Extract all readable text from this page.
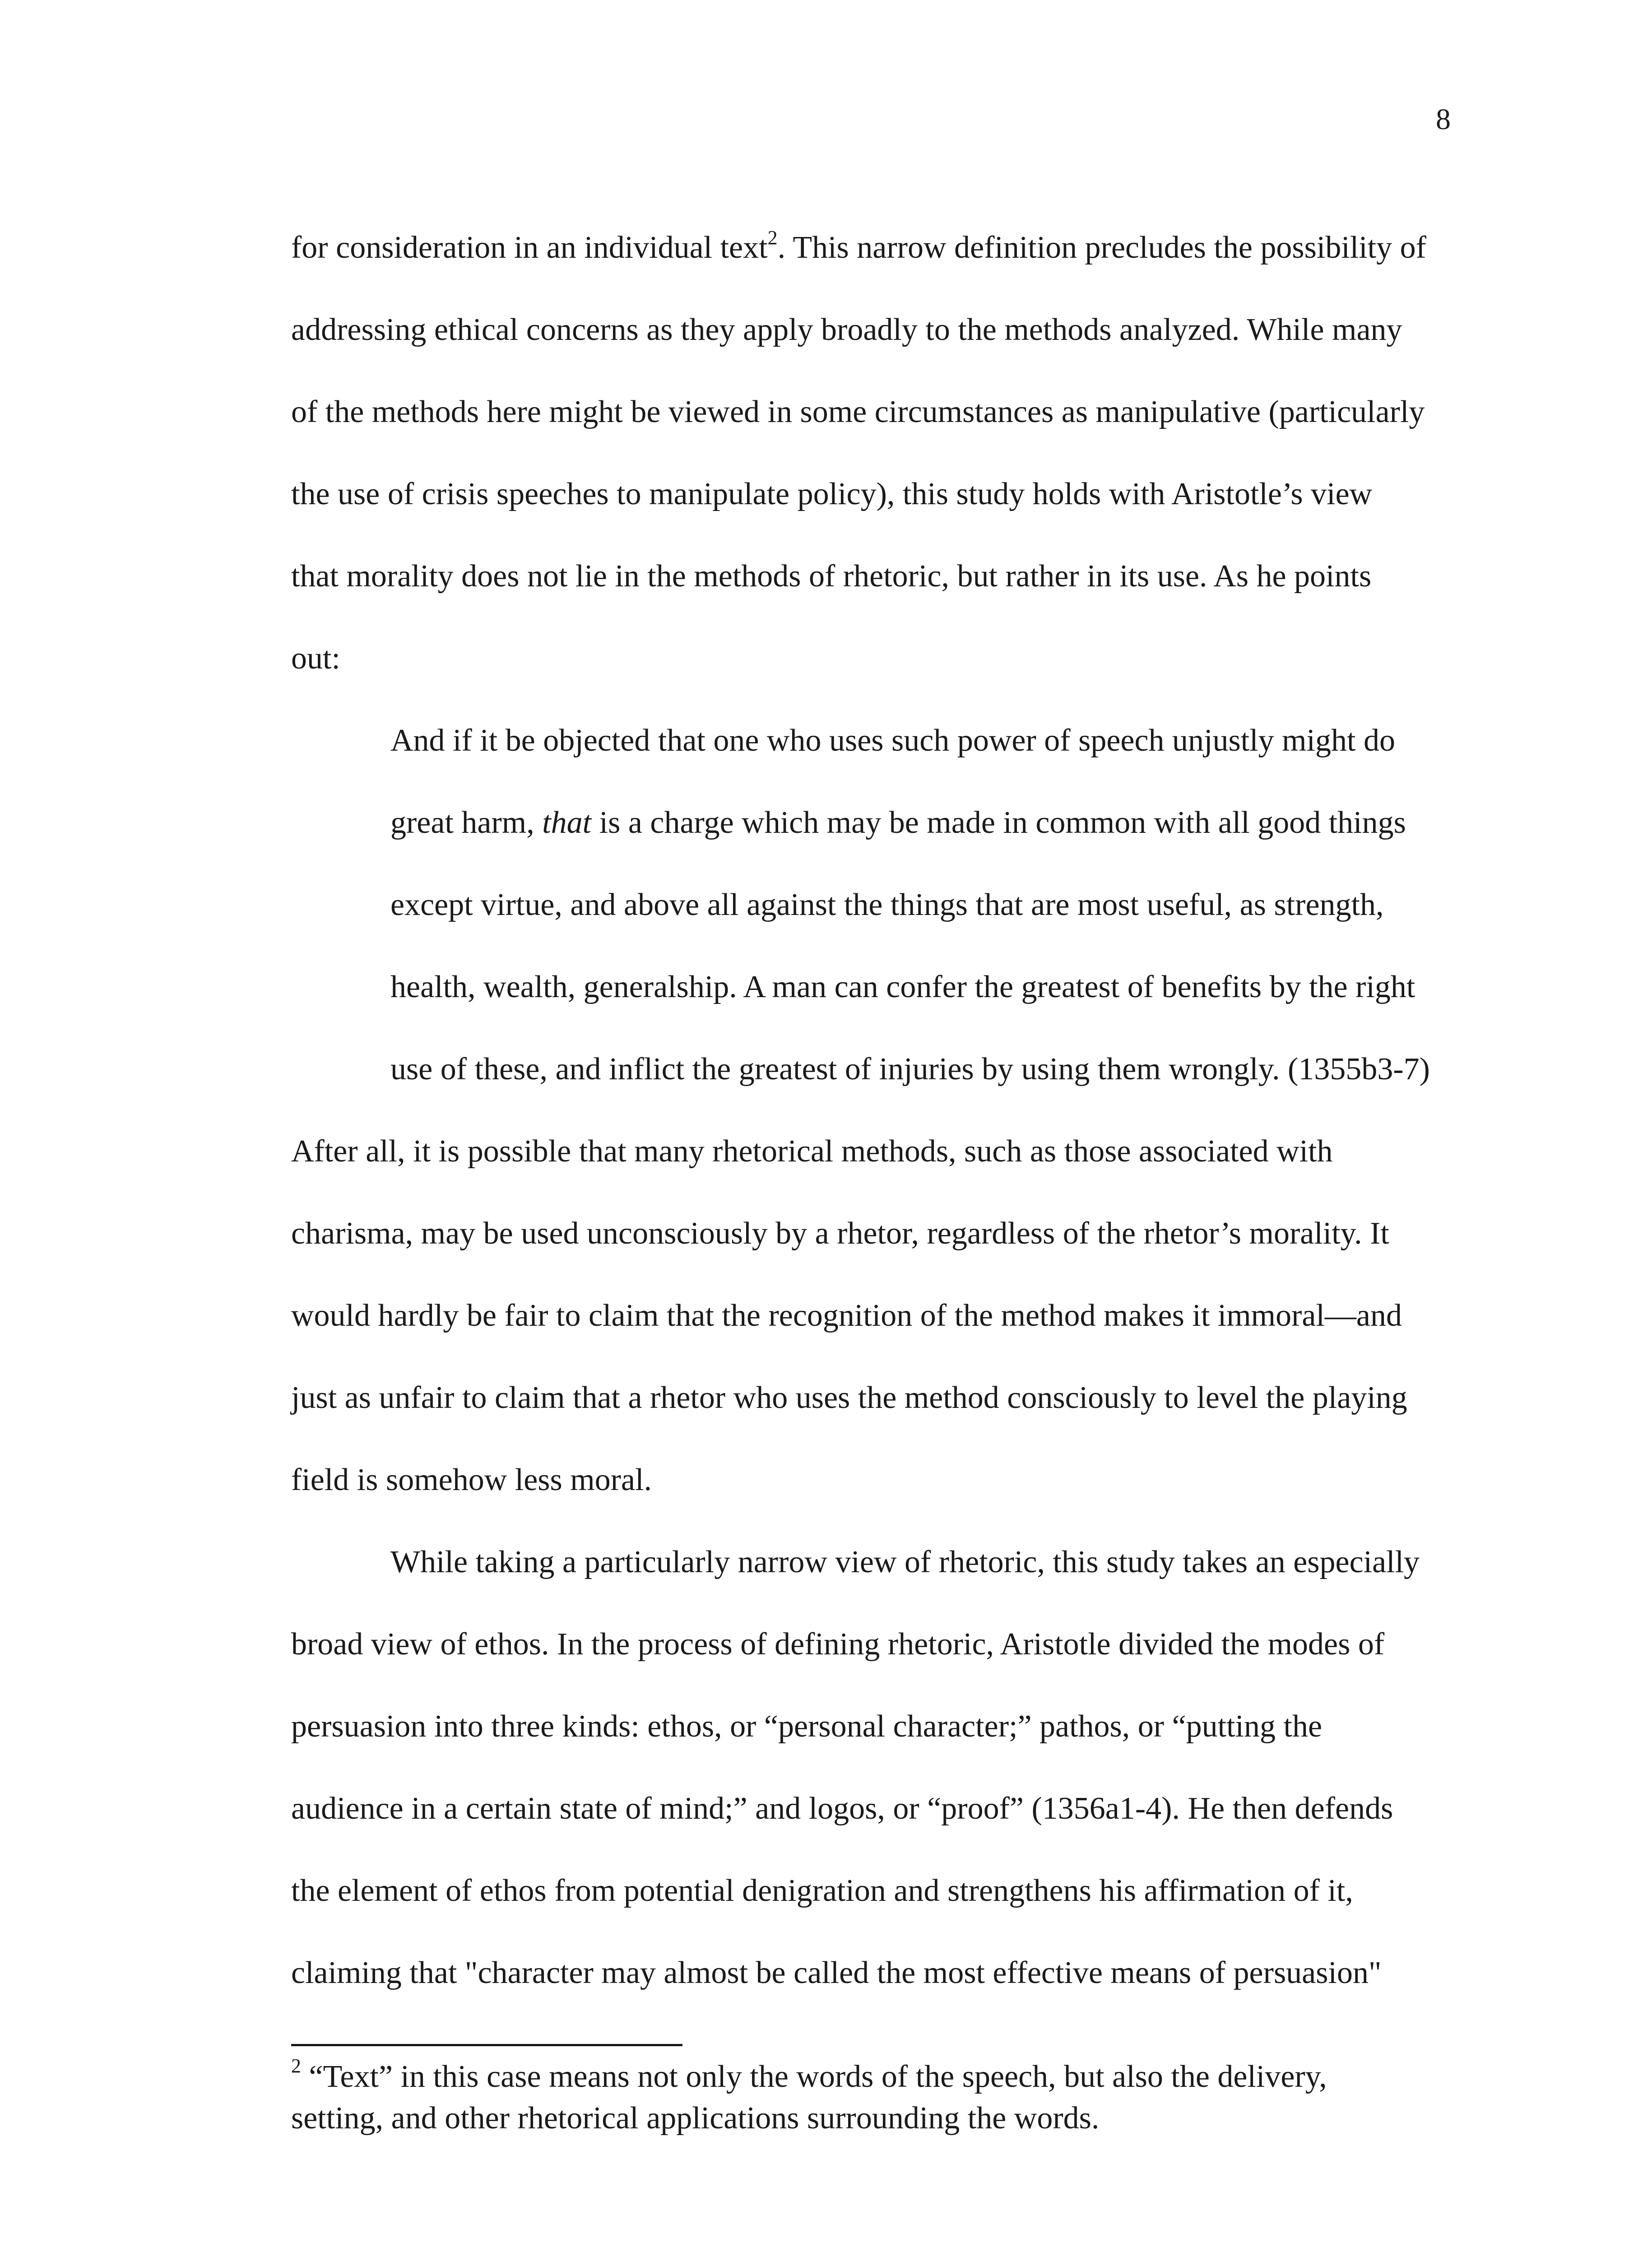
8
for consideration in an individual text$^2$. This narrow definition precludes the possibility of
addressing ethical concerns as they apply broadly to the methods analyzed. While many
of the methods here might be viewed in some circumstances as manipulative (particularly
the use of crisis speeches to manipulate policy), this study holds with Aristotle’s view
that morality does not lie in the methods of rhetoric, but rather in its use. As he points
out:
And if it be objected that one who uses such power of speech unjustly might do
great harm, that is a charge which may be made in common with all good things
except virtue, and above all against the things that are most useful, as strength,
health, wealth, generalship. A man can confer the greatest of benefits by the right
use of these, and inflict the greatest of injuries by using them wrongly. (1355b3-7)
After all, it is possible that many rhetorical methods, such as those associated with
charisma, may be used unconsciously by a rhetor, regardless of the rhetor’s morality. It
would hardly be fair to claim that the recognition of the method makes it immoral—and
just as unfair to claim that a rhetor who uses the method consciously to level the playing
field is somehow less moral.
While taking a particularly narrow view of rhetoric, this study takes an especially
broad view of ethos. In the process of defining rhetoric, Aristotle divided the modes of
persuasion into three kinds: ethos, or “personal character;” pathos, or “putting the
audience in a certain state of mind;” and logos, or “proof” (1356a1-4). He then defends
the element of ethos from potential denigration and strengthens his affirmation of it,
claiming that "character may almost be called the most effective means of persuasion"
$^2$ “Text” in this case means not only the words of the speech, but also the delivery,
setting, and other rhetorical applications surrounding the words.
